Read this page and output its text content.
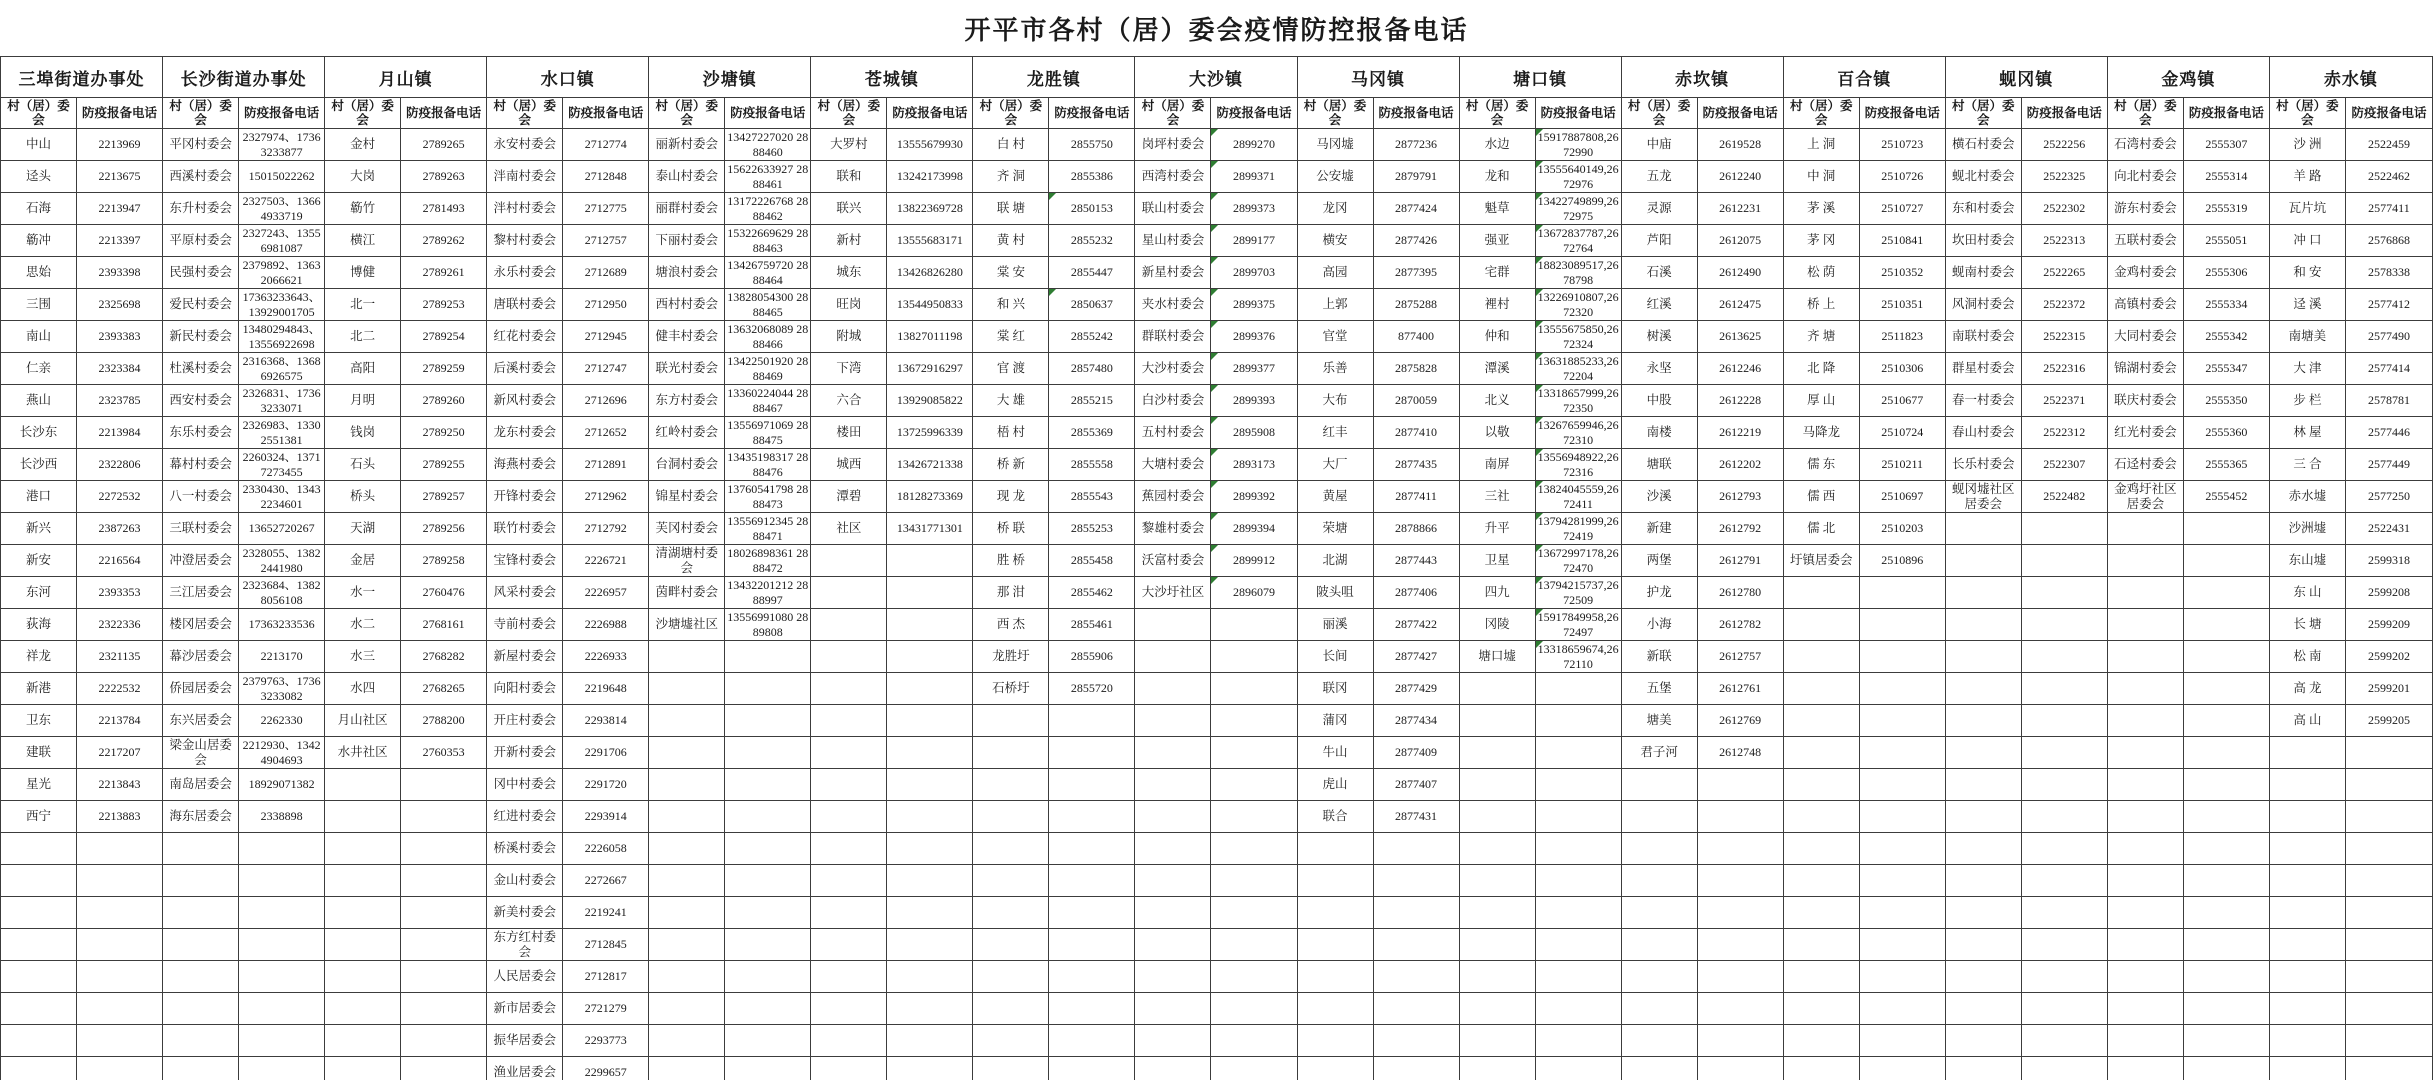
开平市各村（居）委会疫情防控报备电话
三埠街道办事处		长沙街道办事处		月山镇		水口镇		沙塘镇		苍城镇		龙胜镇		大沙镇		马冈镇		塘口镇		赤坎镇		百合镇		蚬冈镇		金鸡镇		赤水镇	
村（居）委会	防疫报备电话	村（居）委会	防疫报备电话	村（居）委会	防疫报备电话	村（居）委会	防疫报备电话	村（居）委会	防疫报备电话	村（居）委会	防疫报备电话	村（居）委会	防疫报备电话	村（居）委会	防疫报备电话	村（居）委会	防疫报备电话	村（居）委会	防疫报备电话	村（居）委会	防疫报备电话	村（居）委会	防疫报备电话	村（居）委会	防疫报备电话	村（居）委会	防疫报备电话	村（居）委会	防疫报备电话
中山	2213969	平冈村委会	2327974、17363233877	金村	2789265	永安村委会	2712774	丽新村委会	13427227020 2888460	大罗村	13555679930	白 村	2855750	岗坪村委会	2899270	马冈墟	2877236	水边	15917887808,2672990	中庙	2619528	上 洞	2510723	横石村委会	2522256	石湾村委会	2555307	沙 洲	2522459
迳头	2213675	西溪村委会	15015022262	大岗	2789263	泮南村委会	2712848	泰山村委会	15622633927 2888461	联和	13242173998	齐 洞	2855386	西湾村委会	2899371	公安墟	2879791	龙和	13555640149,2672976	五龙	2612240	中 洞	2510726	蚬北村委会	2522325	向北村委会	2555314	羊 路	2522462
石海	2213947	东升村委会	2327503、13664933719	簕竹	2781493	泮村村委会	2712775	丽群村委会	13172226768 2888462	联兴	13822369728	联 塘	2850153	联山村委会	2899373	龙冈	2877424	魁草	13422749899,2672975	灵源	2612231	茅 溪	2510727	东和村委会	2522302	游东村委会	2555319	瓦片坑	2577411
簕冲	2213397	平原村委会	2327243、13556981087	横江	2789262	黎村村委会	2712757	下丽村委会	15322669629 2888463	新村	13555683171	黄 村	2855232	星山村委会	2899177	横安	2877426	强亚	13672837787,2672764	芦阳	2612075	茅 冈	2510841	坎田村委会	2522313	五联村委会	2555051	冲 口	2576868
思始	2393398	民强村委会	2379892、13632066621	博健	2789261	永乐村委会	2712689	塘浪村委会	13426759720 2888464	城东	13426826280	棠 安	2855447	新星村委会	2899703	高园	2877395	宅群	18823089517,2678798	石溪	2612490	松 荫	2510352	蚬南村委会	2522265	金鸡村委会	2555306	和 安	2578338
三围	2325698	爱民村委会	17363233643、13929001705	北一	2789253	唐联村委会	2712950	西村村委会	13828054300 2888465	旺岗	13544950833	和 兴	2850637	夹水村委会	2899375	上郭	2875288	裡村	13226910807,2672320	红溪	2612475	桥 上	2510351	风洞村委会	2522372	高镇村委会	2555334	迳 溪	2577412
南山	2393383	新民村委会	13480294843、13556922698	北二	2789254	红花村委会	2712945	健丰村委会	13632068089 2888466	附城	13827011198	棠 红	2855242	群联村委会	2899376	官堂	877400	仲和	13555675850,2672324	树溪	2613625	齐 塘	2511823	南联村委会	2522315	大同村委会	2555342	南塘美	2577490
仁亲	2323384	杜溪村委会	2316368、13686926575	高阳	2789259	后溪村委会	2712747	联光村委会	13422501920 2888469	下湾	13672916297	官 渡	2857480	大沙村委会	2899377	乐善	2875828	潭溪	13631885233,2672204	永坚	2612246	北 降	2510306	群星村委会	2522316	锦湖村委会	2555347	大 津	2577414
燕山	2323785	西安村委会	2326831、17363233071	月明	2789260	新风村委会	2712696	东方村委会	13360224044 2888467	六合	13929085822	大 雄	2855215	白沙村委会	2899393	大布	2870059	北义	13318657999,2672350	中股	2612228	厚 山	2510677	春一村委会	2522371	联庆村委会	2555350	步 栏	2578781
长沙东	2213984	东乐村委会	2326983、13302551381	钱岗	2789250	龙东村委会	2712652	红岭村委会	13556971069 2888475	楼田	13725996339	梧 村	2855369	五村村委会	2895908	红丰	2877410	以敬	13267659946,2672310	南楼	2612219	马降龙	2510724	春山村委会	2522312	红光村委会	2555360	林 屋	2577446
长沙西	2322806	幕村村委会	2260324、13717273455	石头	2789255	海燕村委会	2712891	台洞村委会	13435198317 2888476	城西	13426721338	桥 新	2855558	大塘村委会	2893173	大厂	2877435	南屏	13556948922,2672316	塘联	2612202	儒 东	2510211	长乐村委会	2522307	石迳村委会	2555365	三 合	2577449
港口	2272532	八一村委会	2330430、13432234601	桥头	2789257	开锋村委会	2712962	锦星村委会	13760541798 2888473	潭碧	18128273369	现 龙	2855543	蕉园村委会	2899392	黄屋	2877411	三社	13824045559,2672411	沙溪	2612793	儒 西	2510697	蚬冈墟社区居委会	2522482	金鸡圩社区居委会	2555452	赤水墟	2577250
新兴	2387263	三联村委会	13652720267	天湖	2789256	联竹村委会	2712792	芙冈村委会	13556912345 2888471	社区	13431771301	桥 联	2855253	黎雄村委会	2899394	荣塘	2878866	升平	13794281999,2672419	新建	2612792	儒 北	2510203					沙洲墟	2522431
新安	2216564	冲澄居委会	2328055、13822441980	金居	2789258	宝锋村委会	2226721	清湖塘村委会	18026898361 2888472			胜 桥	2855458	沃富村委会	2899912	北湖	2877443	卫星	13672997178,2672470	两堡	2612791	圩镇居委会	2510896					东山墟	2599318
东河	2393353	三江居委会	2323684、13828056108	水一	2760476	风采村委会	2226957	茵畔村委会	13432201212 2888997			那 泔	2855462	大沙圩社区	2896079	陂头咀	2877406	四九	13794215737,2672509	护龙	2612780							东 山	2599208
荻海	2322336	楼冈居委会	17363233536	水二	2768161	寺前村委会	2226988	沙塘墟社区	13556991080 2889808			西 杰	2855461			丽溪	2877422	冈陵	15917849958,2672497	小海	2612782							长 塘	2599209
祥龙	2321135	幕沙居委会	2213170	水三	2768282	新屋村委会	2226933					龙胜圩	2855906			长间	2877427	塘口墟	13318659674,2672110	新联	2612757							松 南	2599202
新港	2222532	侨园居委会	2379763、17363233082	水四	2768265	向阳村委会	2219648					石桥圩	2855720			联冈	2877429			五堡	2612761							高 龙	2599201
卫东	2213784	东兴居委会	2262330	月山社区	2788200	开庄村委会	2293814									蒲冈	2877434			塘美	2612769							高 山	2599205
建联	2217207	梁金山居委会	2212930、13424904693	水井社区	2760353	开新村委会	2291706									牛山	2877409			君子河	2612748								
星光	2213843	南岛居委会	18929071382			冈中村委会	2291720									虎山	2877407												
西宁	2213883	海东居委会	2338898			红进村委会	2293914									联合	2877431												
						桥溪村委会	2226058																						
						金山村委会	2272667																						
						新美村委会	2219241																						
						东方红村委会	2712845																						
						人民居委会	2712817																						
						新市居委会	2721279																						
						振华居委会	2293773																						
						渔业居委会	2299657																						
